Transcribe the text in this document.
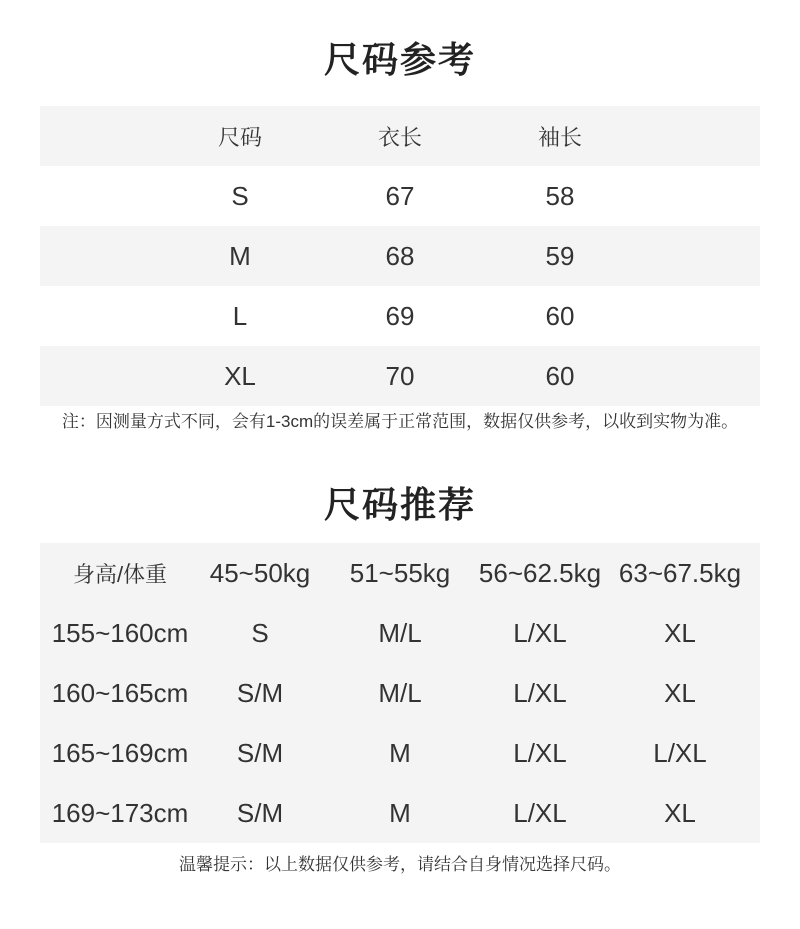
尺码参考
尺码	衣长	袖长
S	67	58
M	68	59
L	69	60
XL	70	60
注：因测量方式不同，会有1-3cm的误差属于正常范围，数据仅供参考，以收到实物为准。
尺码推荐
身高/体重	45~50kg	51~55kg	56~62.5kg 63~67.5kg
155~160cm	S	M/L	L/XL	XL
160~165cm	S/M	M/L	L/XL	XL
165~169cm	S/M	M	L/XL	L/XL
169~173cm	S/M	M	L/XL	XL
温馨提示：以上数据仅供参考，请结合自身情况选择尺码。
